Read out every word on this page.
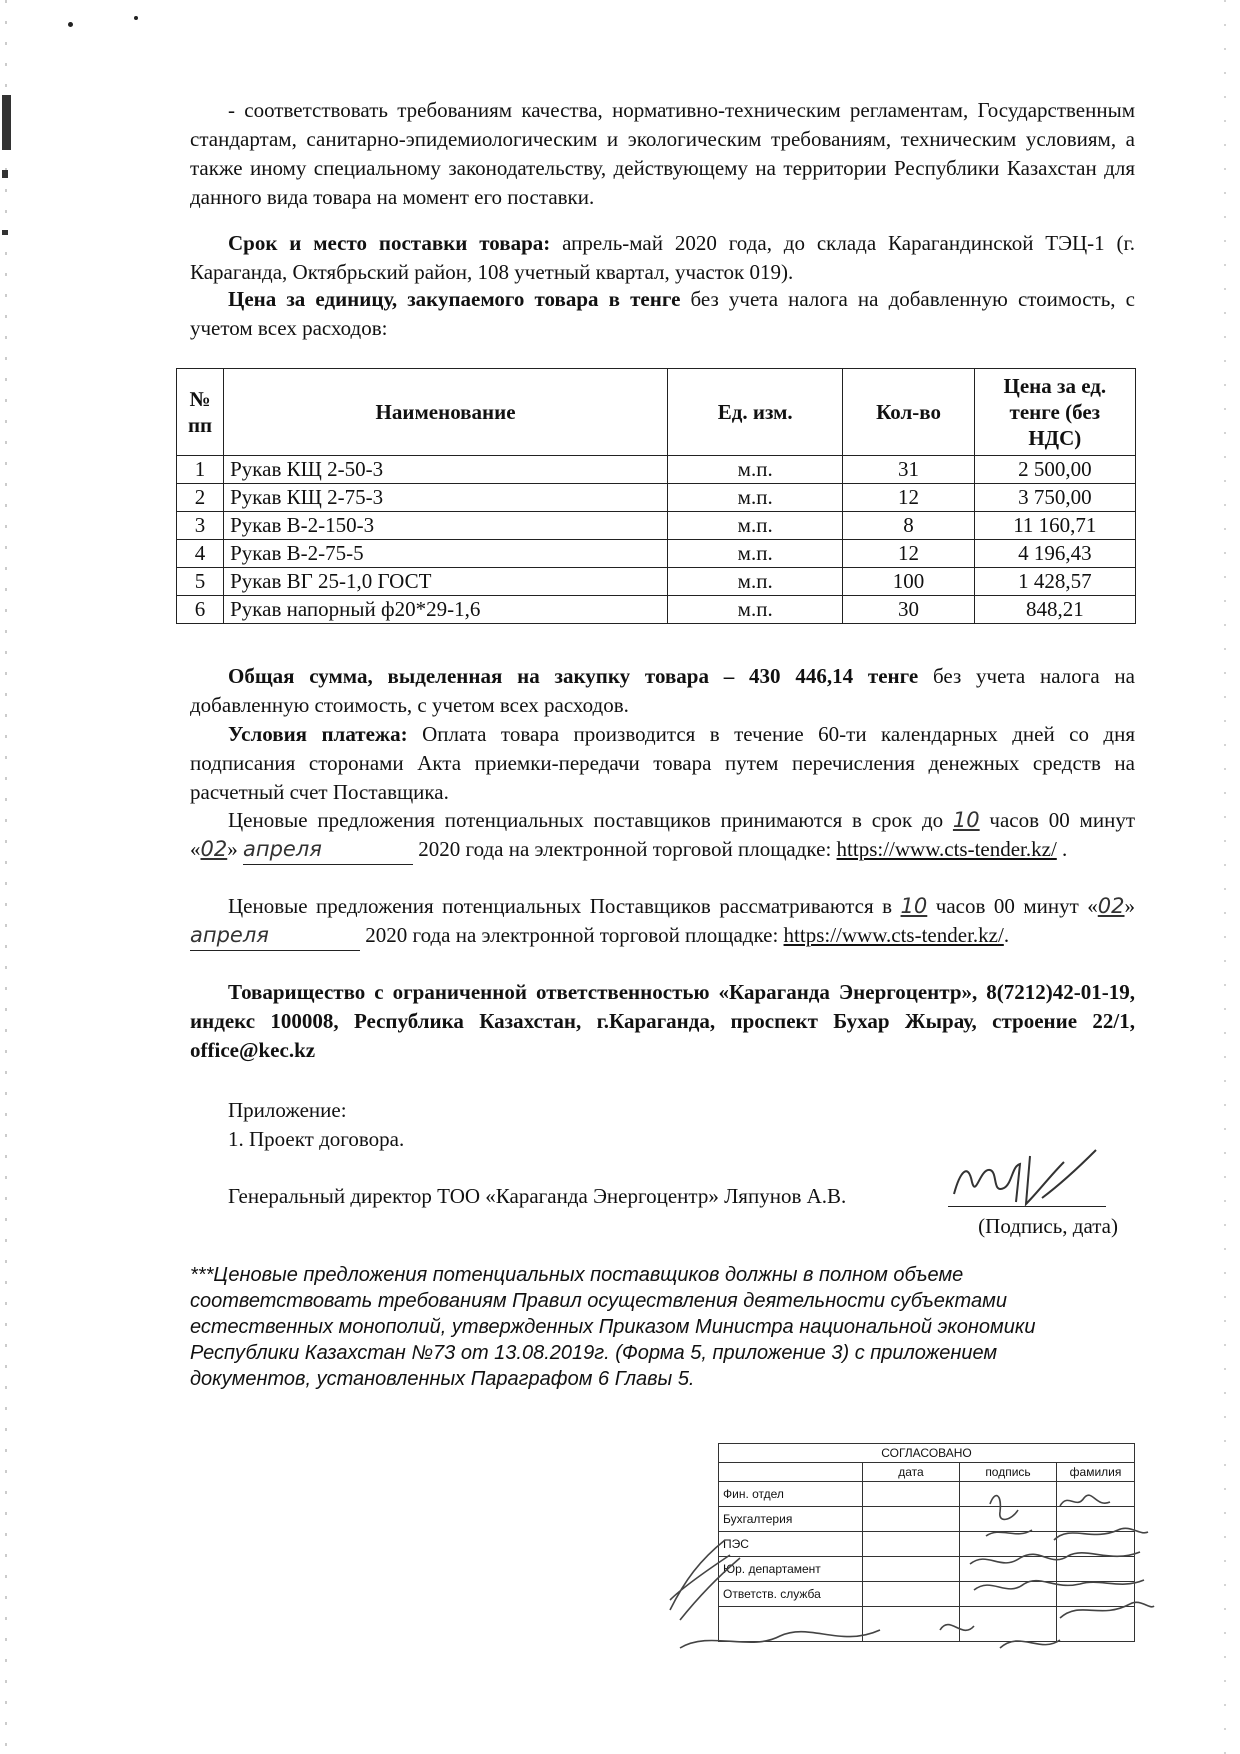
- соответствовать требованиям качества, нормативно-техническим регламентам, Государственным стандартам, санитарно-эпидемиологическим и экологическим требованиям, техническим условиям, а также иному специальному законодательству, действующему на территории Республики Казахстан для данного вида товара на момент его поставки.

Срок и место поставки товара: апрель-май 2020 года, до склада Карагандинской ТЭЦ-1 (г. Караганда, Октябрьский район, 108 учетный квартал, участок 019).

Цена за единицу, закупаемого товара в тенге без учета налога на добавленную стоимость, с учетом всех расходов:

№ пп	Наименование	Ед. изм.	Кол-во	Цена за ед. тенге (без НДС)
1	Рукав КЩ 2-50-3	м.п.	31	2 500,00
2	Рукав КЩ 2-75-3	м.п.	12	3 750,00
3	Рукав В-2-150-3	м.п.	8	11 160,71
4	Рукав В-2-75-5	м.п.	12	4 196,43
5	Рукав ВГ 25-1,0 ГОСТ	м.п.	100	1 428,57
6	Рукав напорный ф20*29-1,6	м.п.	30	848,21

Общая сумма, выделенная на закупку товара – 430 446,14 тенге без учета налога на добавленную стоимость, с учетом всех расходов.

Условия платежа: Оплата товара производится в течение 60-ти календарных дней со дня подписания сторонами Акта приемки-передачи товара путем перечисления денежных средств на расчетный счет Поставщика.

Ценовые предложения потенциальных поставщиков принимаются в срок до 10 часов 00 минут «02» апреля	2020 года на электронной торговой площадке: https://www.cts-tender.kz/ .

Ценовые предложения потенциальных Поставщиков рассматриваются в 10 часов 00 минут «02» апреля	2020 года на электронной торговой площадке: https://www.cts-tender.kz/.

Товарищество с ограниченной ответственностью «Караганда Энергоцентр», 8(7212)42-01-19, индекс 100008, Республика Казахстан, г.Караганда, проспект Бухар Жырау, строение 22/1, office@kec.kz

Приложение:

1. Проект договора.

Генеральный директор ТОО «Караганда Энергоцентр» Ляпунов А.В.

(Подпись, дата)

***Ценовые предложения потенциальных поставщиков должны в полном объеме соответствовать требованиям Правил осуществления деятельности субъектами естественных монополий, утвержденных Приказом Министра национальной экономики Республики Казахстан №73 от 13.08.2019г. (Форма 5, приложение 3) с приложением документов, установленных Параграфом 6 Главы 5.

СОГЛАСОВАНО			
	дата	подпись	фамилия
Фин. отдел			
Бухгалтерия			
ПЭС			
Юр. департамент			
Ответств. служба			
